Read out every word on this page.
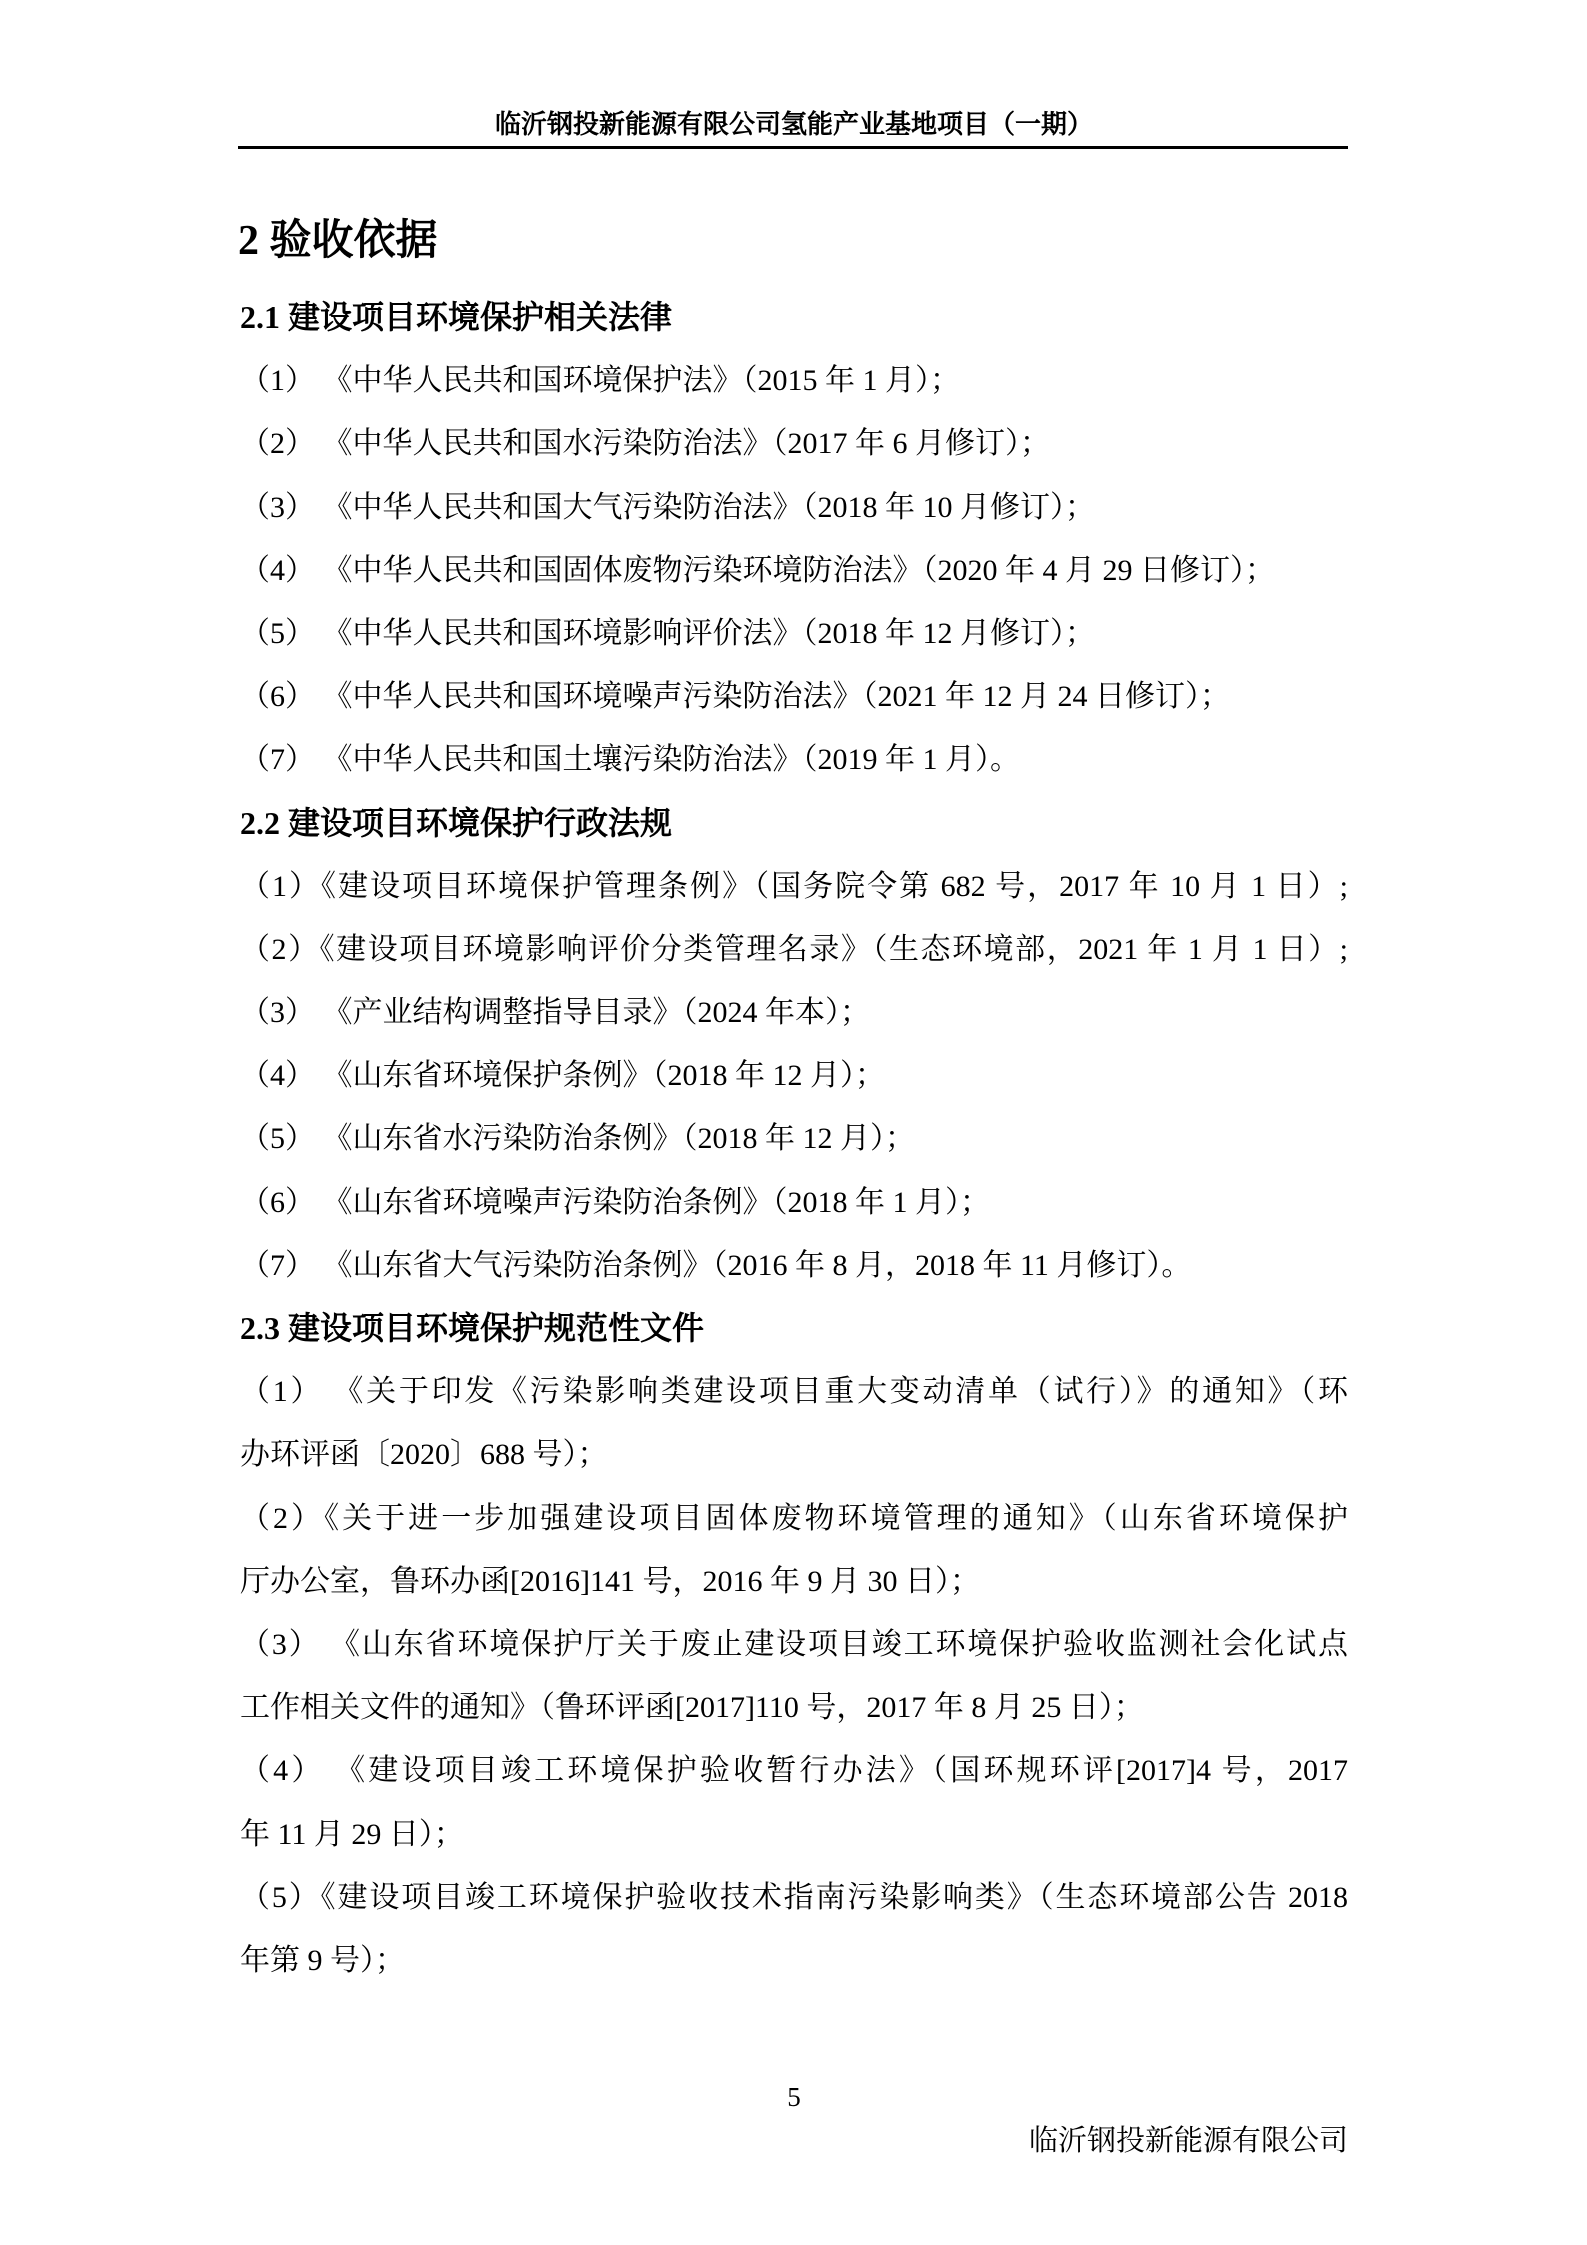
临沂钢投新能源有限公司氢能产业基地项目（一期）
2 验收依据
2.1 建设项目环境保护相关法律
（1） 《中华人民共和国环境保护法》（2015 年 1 月）；
（2） 《中华人民共和国水污染防治法》（2017 年 6 月修订）；
（3） 《中华人民共和国大气污染防治法》（2018 年 10 月修订）；
（4） 《中华人民共和国固体废物污染环境防治法》（2020 年 4 月 29 日修订）；
（5） 《中华人民共和国环境影响评价法》（2018 年 12 月修订）；
（6） 《中华人民共和国环境噪声污染防治法》（2021 年 12 月 24 日修订）；
（7） 《中华人民共和国土壤污染防治法》（2019 年 1 月）。
2.2 建设项目环境保护行政法规
（1）《建设项目环境保护管理条例》（国务院令第 682 号，2017 年 10 月 1 日）;
（2）《建设项目环境影响评价分类管理名录》（生态环境部，2021 年 1 月 1 日）;
（3） 《产业结构调整指导目录》（2024 年本）；
（4） 《山东省环境保护条例》（2018 年 12 月）；
（5） 《山东省水污染防治条例》（2018 年 12 月）；
（6） 《山东省环境噪声污染防治条例》（2018 年 1 月）；
（7） 《山东省大气污染防治条例》（2016 年 8 月，2018 年 11 月修订）。
2.3 建设项目环境保护规范性文件
（1） 《关于印发《污染影响类建设项目重大变动清单（试行）》的通知》（环
办环评函〔2020〕688 号）；
（2）《关于进一步加强建设项目固体废物环境管理的通知》（山东省环境保护
厅办公室，鲁环办函[2016]141 号，2016 年 9 月 30 日）；
（3） 《山东省环境保护厅关于废止建设项目竣工环境保护验收监测社会化试点
工作相关文件的通知》（鲁环评函[2017]110 号，2017 年 8 月 25 日）；
（4） 《建设项目竣工环境保护验收暂行办法》（国环规环评[2017]4 号，2017
年 11 月 29 日）；
（5）《建设项目竣工环境保护验收技术指南污染影响类》（生态环境部公告 2018
年第 9 号）；
5
临沂钢投新能源有限公司
